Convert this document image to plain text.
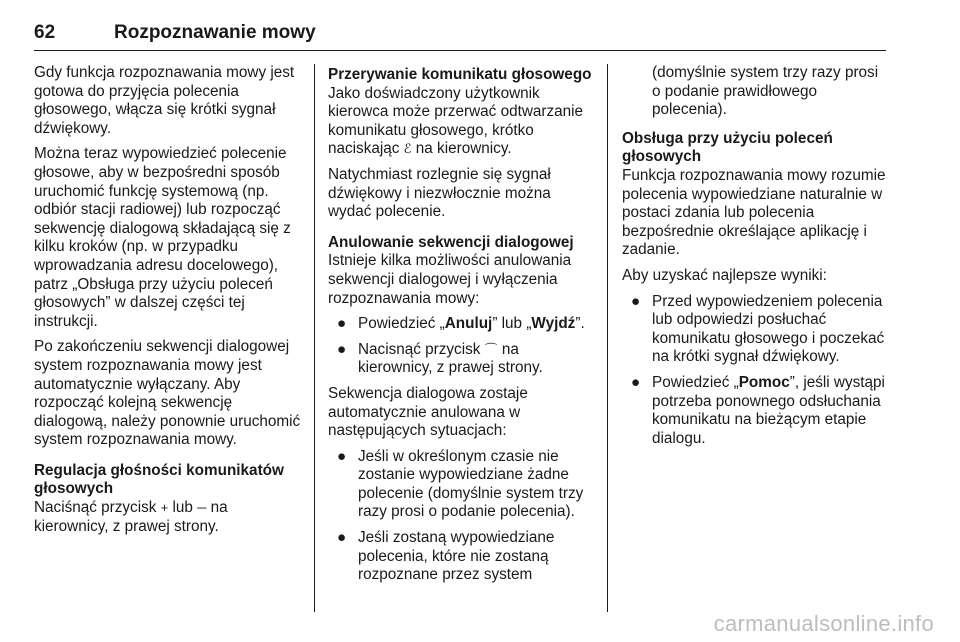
62	Rozpoznawanie mowy

Gdy funkcja rozpoznawania mowy jest gotowa do przyjęcia polecenia głosowego, włącza się krótki sygnał dźwiękowy.

Można teraz wypowiedzieć polecenie głosowe, aby w bezpośredni sposób uruchomić funkcję systemową (np. odbiór stacji radiowej) lub rozpocząć sekwencję dialogową składającą się z kilku kroków (np. w przypadku wprowadzania adresu docelowego), patrz „Obsługa przy użyciu poleceń głosowych” w dalszej części tej instrukcji.

Po zakończeniu sekwencji dialogowej system rozpoznawania mowy jest automatycznie wyłączany. Aby rozpocząć kolejną sekwencję dialogową, należy ponownie uruchomić system rozpoznawania mowy.

Regulacja głośności komunikatów głosowych

Naciśnąć przycisk + lub ─ na kierownicy, z prawej strony.

Przerywanie komunikatu głosowego

Jako doświadczony użytkownik kierowca może przerwać odtwarzanie komunikatu głosowego, krótko naciskając ℰ na kierownicy.

Natychmiast rozlegnie się sygnał dźwiękowy i niezwłocznie można wydać polecenie.

Anulowanie sekwencji dialogowej

Istnieje kilka możliwości anulowania sekwencji dialogowej i wyłączenia rozpoznawania mowy:

● Powiedzieć „Anuluj” lub „Wyjdź”.
● Nacisnąć przycisk ⌒ na kierownicy, z prawej strony.

Sekwencja dialogowa zostaje automatycznie anulowana w następujących sytuacjach:

● Jeśli w określonym czasie nie zostanie wypowiedziane żadne polecenie (domyślnie system trzy razy prosi o podanie polecenia).
● Jeśli zostaną wypowiedziane polecenia, które nie zostaną rozpoznane przez system
(domyślnie system trzy razy prosi o podanie prawidłowego polecenia).
Obsługa przy użyciu poleceń głosowych

Funkcja rozpoznawania mowy rozumie polecenia wypowiedziane naturalnie w postaci zdania lub polecenia bezpośrednie określające aplikację i zadanie.

Aby uzyskać najlepsze wyniki:

● Przed wypowiedzeniem polecenia lub odpowiedzi posłuchać komunikatu głosowego i poczekać na krótki sygnał dźwiękowy.
● Powiedzieć „Pomoc”, jeśli wystąpi potrzeba ponownego odsłuchania komunikatu na bieżącym etapie dialogu.
carmanualsonline.info
